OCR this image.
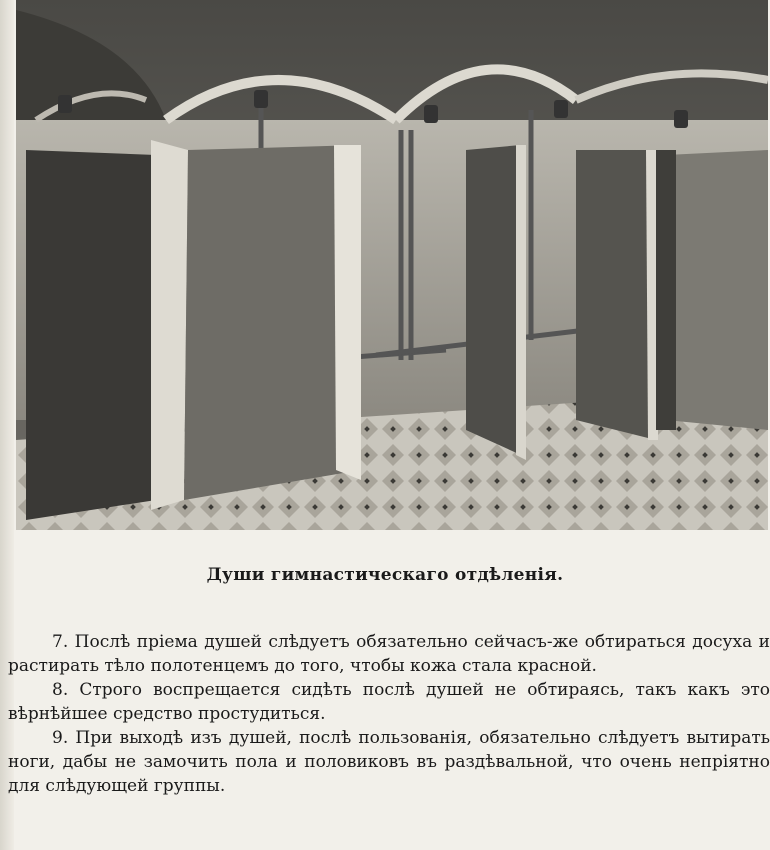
Души гимнастическаго отдѣленія.

7. Послѣ пріема душей слѣдуетъ обязательно сейчасъ-же обтираться досуха и растирать тѣло полотенцемъ до того, чтобы кожа стала красной.

8. Строго воспрещается сидѣть послѣ душей не обтираясь, такъ какъ это вѣрнѣйшее средство простудиться.

9. При выходѣ изъ душей, послѣ пользованія, обязательно слѣдуетъ вытирать ноги, дабы не замочить пола и половиковъ въ раздѣвальной, что очень непріятно для слѣдующей группы.
